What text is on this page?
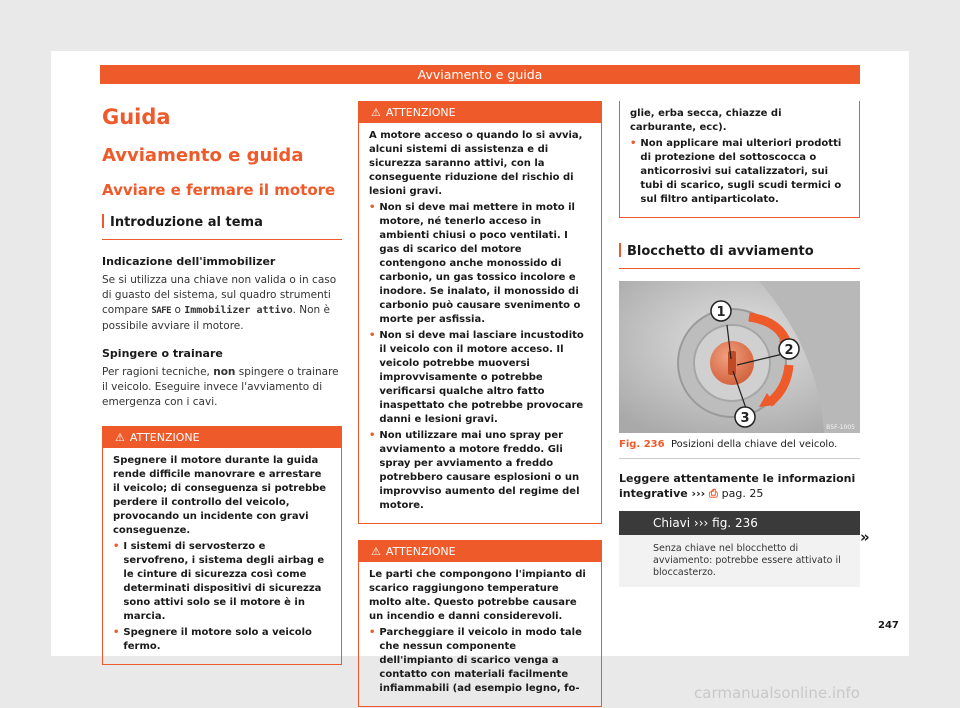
Avviamento e guida
Guida
Avviamento e guida
Avviare e fermare il motore
Introduzione al tema
Indicazione dell'immobilizer

Se si utilizza una chiave non valida o in caso di guasto del sistema, sul quadro strumenti compare SAFE o Immobilizer attivo. Non è possibile avviare il motore.

Spingere o trainare

Per ragioni tecniche, non spingere o trainare il veicolo. Eseguire invece l'avviamento di emergenza con i cavi.

⚠ ATTENZIONE
Spegnere il motore durante la guida rende difficile manovrare e arrestare il veicolo; di conseguenza si potrebbe perdere il controllo del veicolo, provocando un incidente con gravi conseguenze.
• I sistemi di servosterzo e servofreno, i sistema degli airbag e le cinture di sicurezza così come determinati dispositivi di sicurezza sono attivi solo se il motore è in marcia.
• Spegnere il motore solo a veicolo fermo.
⚠ ATTENZIONE
A motore acceso o quando lo si avvia, alcuni sistemi di assistenza e di sicurezza saranno attivi, con la conseguente riduzione del rischio di lesioni gravi.
• Non si deve mai mettere in moto il motore, né tenerlo acceso in ambienti chiusi o poco ventilati. I gas di scarico del motore contengono anche monossido di carbonio, un gas tossico incolore e inodore. Se inalato, il monossido di carbonio può causare svenimento o morte per asfissia.
• Non si deve mai lasciare incustodito il veicolo con il motore acceso. Il veicolo potrebbe muoversi improvvisamente o potrebbe verificarsi qualche altro fatto inaspettato che potrebbe provocare danni e lesioni gravi.
• Non utilizzare mai uno spray per avviamento a motore freddo. Gli spray per avviamento a freddo potrebbero causare esplosioni o un improvviso aumento del regime del motore.
⚠ ATTENZIONE
Le parti che compongono l'impianto di scarico raggiungono temperature molto alte. Questo potrebbe causare un incendio e danni considerevoli.
• Parcheggiare il veicolo in modo tale che nessun componente dell'impianto di scarico venga a contatto con materiali facilmente infiammabili (ad esempio legno, fo-
glie, erba secca, chiazze di carburante, ecc).
• Non applicare mai ulteriori prodotti di protezione del sottoscocca o anticorrosivi sui catalizzatori, sui tubi di scarico, sugli scudi termici o sul filtro antiparticolato.
Blocchetto di avviamento
1
2
3
B5F-1005
Fig. 236 Posizioni della chiave del veicolo.
Leggere attentamente le informazioni integrative ››› ⎙ pag. 25
Chiavi ››› fig. 236
Senza chiave nel blocchetto di avviamento: potrebbe essere attivato il bloccasterzo.
»
247
carmanualsonline.info
